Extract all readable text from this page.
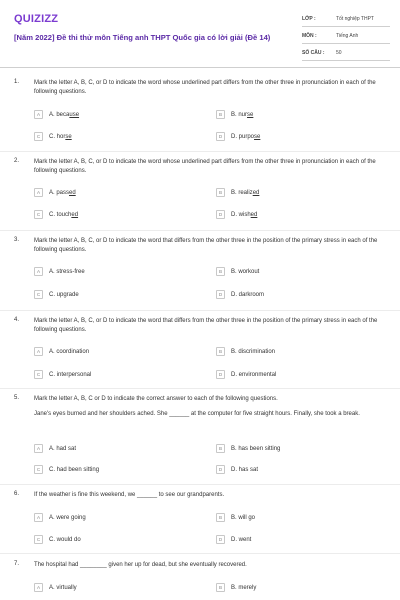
QUIZIZZ
[Năm 2022] Đề thi thử môn Tiếng anh THPT Quốc gia có lời giải (Đề 14)
LỚP :	Tốt nghiệp THPT
MÔN :	Tiếng Anh
SỐ CÂU :	50
1. Mark the letter A, B, C, or D to indicate the word whose underlined part differs from the other three in pronunciation in each of the following questions.
A	A. because	B	B. nurse
C	C. horse	D	D. purpose
2. Mark the letter A, B, C, or D to indicate the word whose underlined part differs from the other three in pronunciation in each of the following questions.
A	A. passed	B	B. realized
C	C. touched	D	D. wished
3. Mark the letter A, B, C, or D to indicate the word that differs from the other three in the position of the primary stress in each of the following questions.
A	A. stress-free	B	B. workout
C	C. upgrade	D	D. darkroom
4. Mark the letter A, B, C, or D to indicate the word that differs from the other three in the position of the primary stress in each of the following questions.
A	A. coordination	B	B. discrimination
C	C. interpersonal	D	D. environmental
5. Mark the letter A, B, C or D to indicate the correct answer to each of the following questions.
Jane's eyes burned and her shoulders ached. She ______ at the computer for five straight hours. Finally, she took a break.
A	A. had sat	B	B. has been sitting
C	C. had been sitting	D	D. has sat
6. If the weather is fine this weekend, we ______ to see our grandparents.
A	A. were going	B	B. will go
C	C. would do	D	D. went
7. The hospital had ________ given her up for dead, but she eventually recovered.
A	A. virtually	B	B. merely
